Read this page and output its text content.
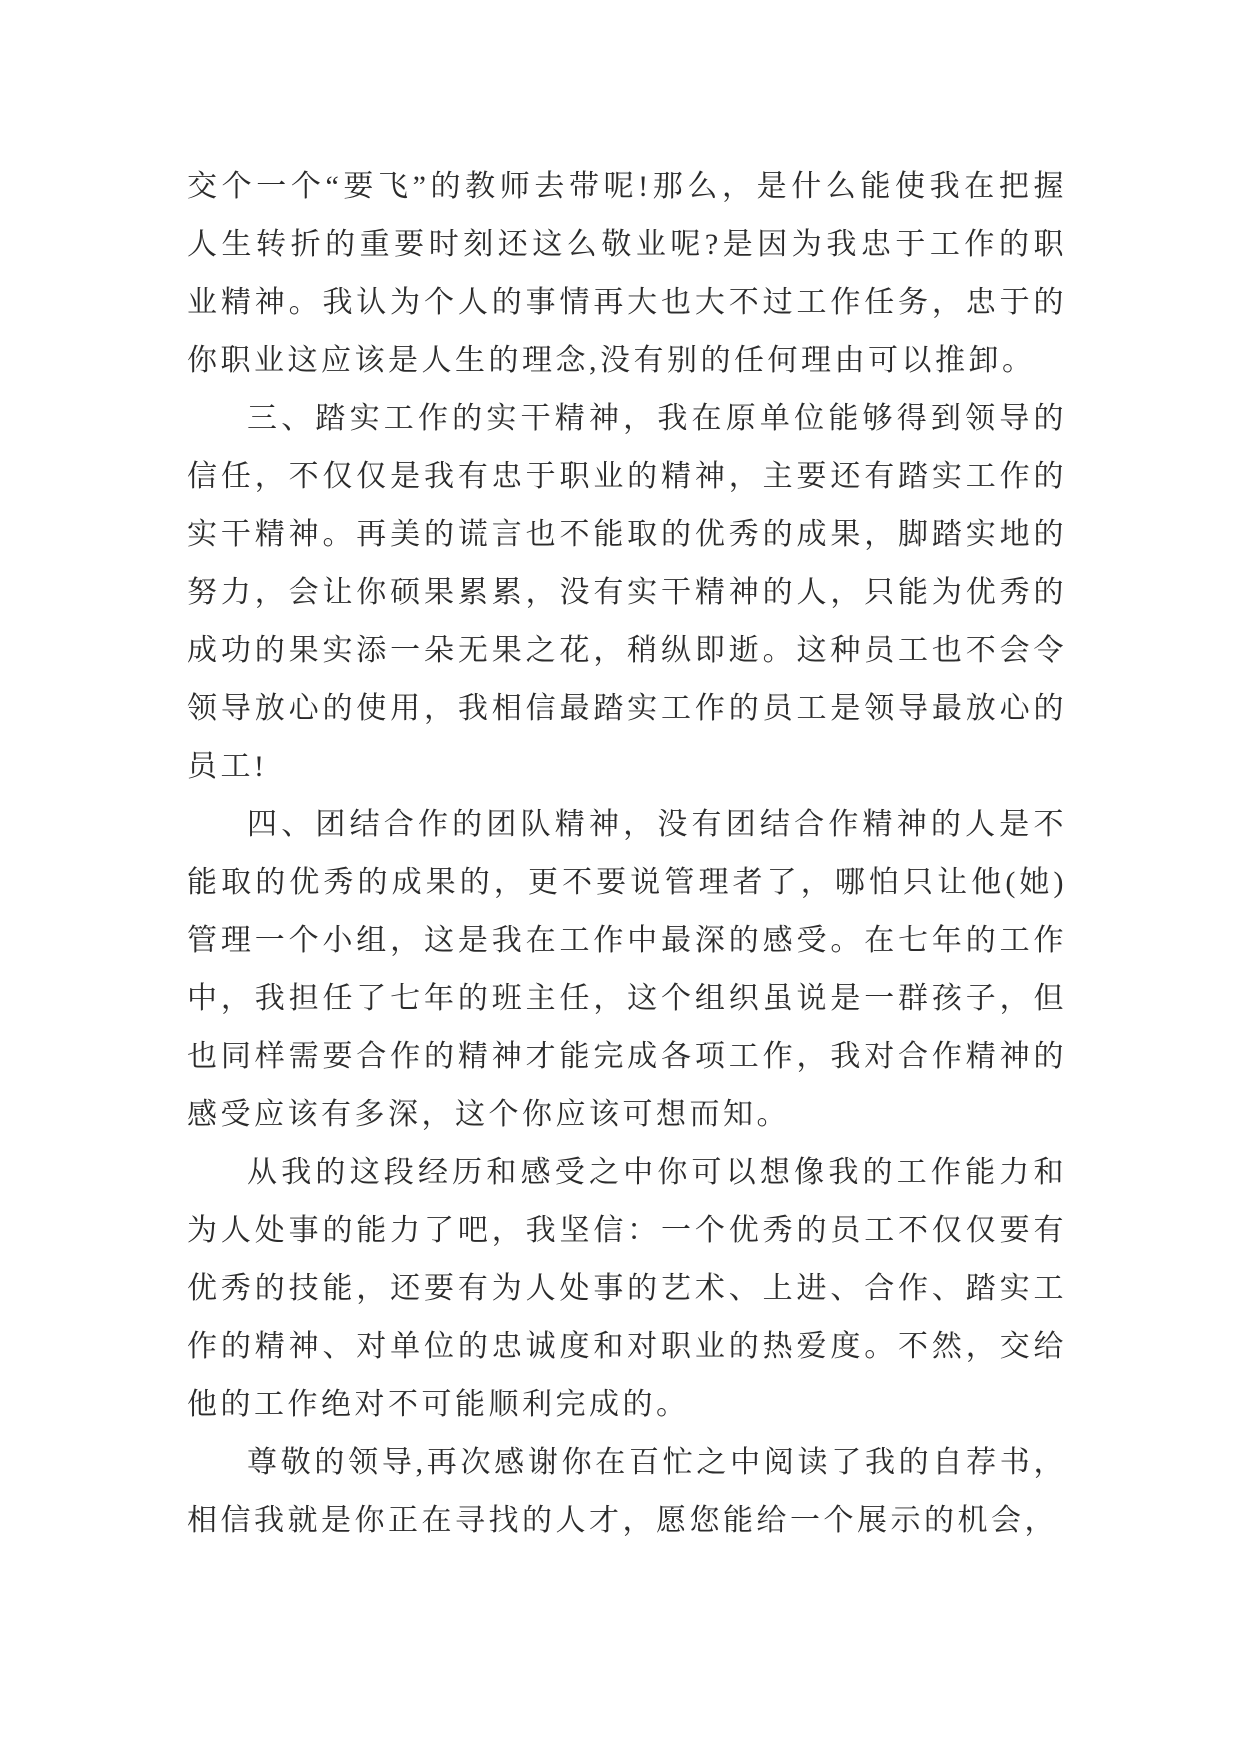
交个一个“要飞”的教师去带呢!那么，是什么能使我在把握人生转折的重要时刻还这么敬业呢?是因为我忠于工作的职业精神。我认为个人的事情再大也大不过工作任务，忠于的你职业这应该是人生的理念,没有别的任何理由可以推卸。

三、踏实工作的实干精神，我在原单位能够得到领导的信任，不仅仅是我有忠于职业的精神，主要还有踏实工作的实干精神。再美的谎言也不能取的优秀的成果，脚踏实地的努力，会让你硕果累累，没有实干精神的人，只能为优秀的成功的果实添一朵无果之花，稍纵即逝。这种员工也不会令领导放心的使用，我相信最踏实工作的员工是领导最放心的员工!

四、团结合作的团队精神，没有团结合作精神的人是不能取的优秀的成果的，更不要说管理者了，哪怕只让他(她)管理一个小组，这是我在工作中最深的感受。在七年的工作中，我担任了七年的班主任，这个组织虽说是一群孩子，但也同样需要合作的精神才能完成各项工作，我对合作精神的感受应该有多深，这个你应该可想而知。

从我的这段经历和感受之中你可以想像我的工作能力和为人处事的能力了吧，我坚信：一个优秀的员工不仅仅要有优秀的技能，还要有为人处事的艺术、上进、合作、踏实工作的精神、对单位的忠诚度和对职业的热爱度。不然，交给他的工作绝对不可能顺利完成的。

尊敬的领导,再次感谢你在百忙之中阅读了我的自荐书，相信我就是你正在寻找的人才，愿您能给一个展示的机会，
